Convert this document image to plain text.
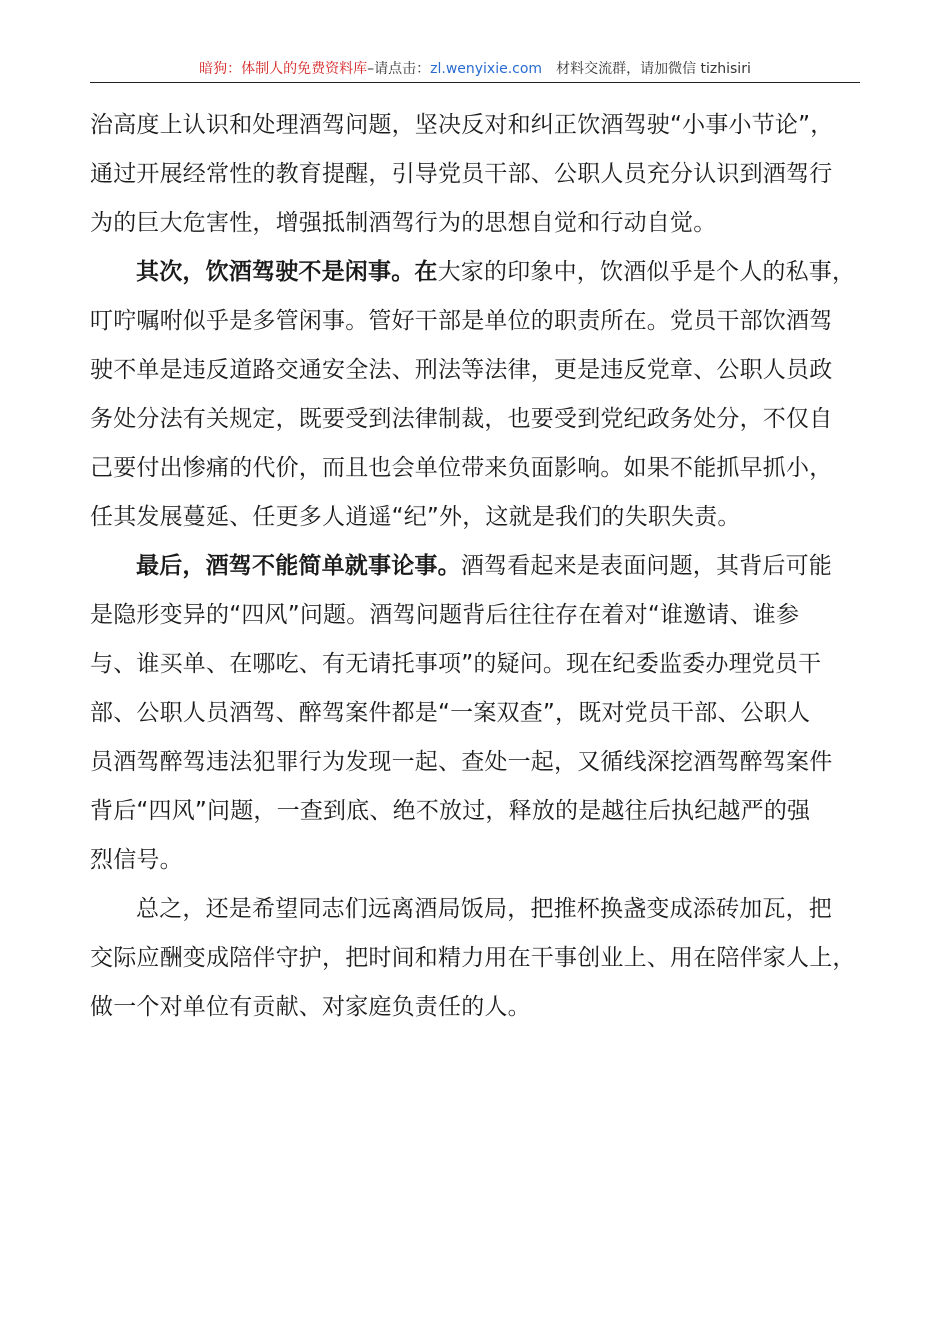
暗狗：体制人的免费资料库–请点击：zl.wenyixie.com 材料交流群，请加微信 tizhisiri
治高度上认识和处理酒驾问题，坚决反对和纠正饮酒驾驶“小事小节论”，
通过开展经常性的教育提醒，引导党员干部、公职人员充分认识到酒驾行
为的巨大危害性，增强抵制酒驾行为的思想自觉和行动自觉。
其次，饮酒驾驶不是闲事。在大家的印象中，饮酒似乎是个人的私事，
叮咛嘱咐似乎是多管闲事。管好干部是单位的职责所在。党员干部饮酒驾
驶不单是违反道路交通安全法、刑法等法律，更是违反党章、公职人员政
务处分法有关规定，既要受到法律制裁，也要受到党纪政务处分，不仅自
己要付出惨痛的代价，而且也会单位带来负面影响。如果不能抓早抓小，
任其发展蔓延、任更多人逍遥“纪”外，这就是我们的失职失责。
最后，酒驾不能简单就事论事。酒驾看起来是表面问题，其背后可能
是隐形变异的“四风”问题。酒驾问题背后往往存在着对“谁邀请、谁参
与、谁买单、在哪吃、有无请托事项”的疑问。现在纪委监委办理党员干
部、公职人员酒驾、醉驾案件都是“一案双查”，既对党员干部、公职人
员酒驾醉驾违法犯罪行为发现一起、查处一起，又循线深挖酒驾醉驾案件
背后“四风”问题，一查到底、绝不放过，释放的是越往后执纪越严的强
烈信号。
总之，还是希望同志们远离酒局饭局，把推杯换盏变成添砖加瓦，把
交际应酬变成陪伴守护，把时间和精力用在干事创业上、用在陪伴家人上，
做一个对单位有贡献、对家庭负责任的人。
